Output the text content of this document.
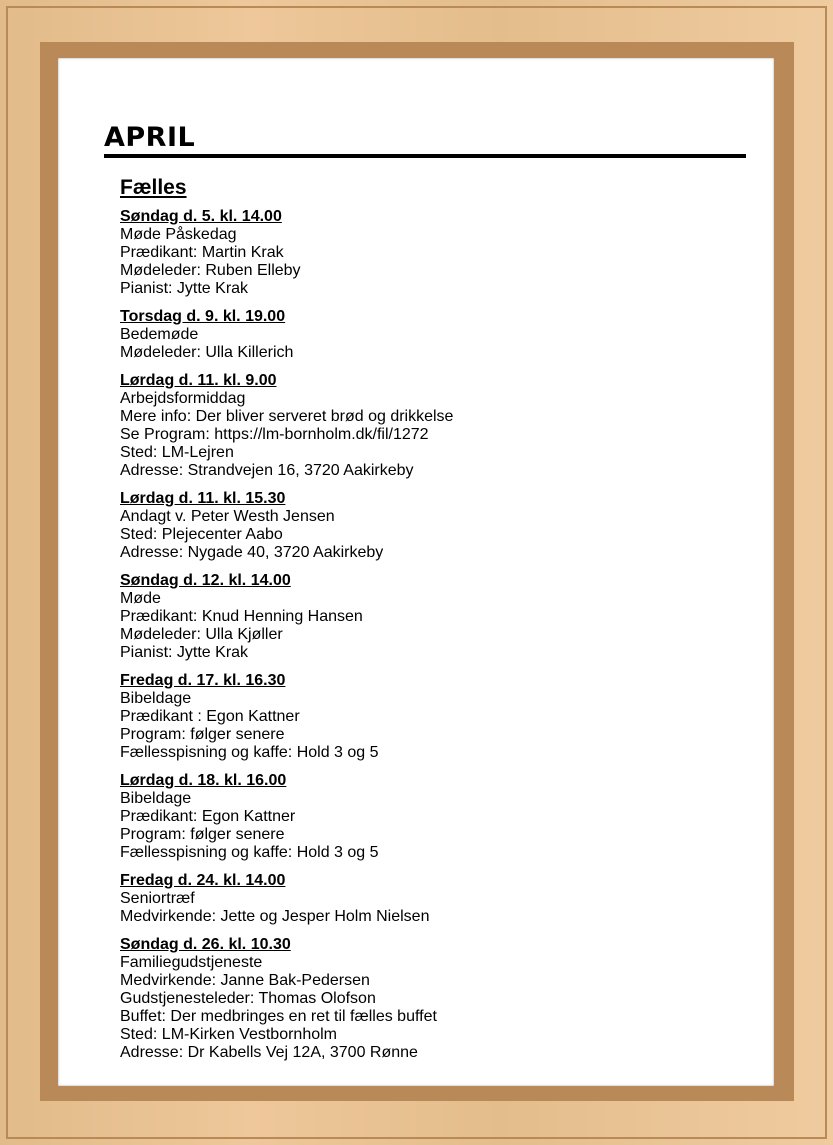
APRIL
Fælles
Søndag d. 5. kl. 14.00
Møde Påskedag
Prædikant: Martin Krak
Mødeleder: Ruben Elleby
Pianist: Jytte Krak
Torsdag d. 9. kl. 19.00
Bedemøde
Mødeleder: Ulla Killerich
Lørdag d. 11. kl. 9.00
Arbejdsformiddag
Mere info: Der bliver serveret brød og drikkelse
Se Program: https://lm-bornholm.dk/fil/1272
Sted: LM-Lejren
Adresse: Strandvejen 16, 3720 Aakirkeby
Lørdag d. 11. kl. 15.30
Andagt v. Peter Westh Jensen
Sted: Plejecenter Aabo
Adresse: Nygade 40, 3720 Aakirkeby
Søndag d. 12. kl. 14.00
Møde
Prædikant: Knud Henning Hansen
Mødeleder: Ulla Kjøller
Pianist: Jytte Krak
Fredag d. 17. kl. 16.30
Bibeldage
Prædikant : Egon Kattner
Program: følger senere
Fællesspisning og kaffe: Hold 3 og 5
Lørdag d. 18. kl. 16.00
Bibeldage
Prædikant: Egon Kattner
Program: følger senere
Fællesspisning og kaffe: Hold 3 og 5
Fredag d. 24. kl. 14.00
Seniortræf
Medvirkende: Jette og Jesper Holm Nielsen
Søndag d. 26. kl. 10.30
Familiegudstjeneste
Medvirkende: Janne Bak-Pedersen
Gudstjenesteleder: Thomas Olofson
Buffet: Der medbringes en ret til fælles buffet
Sted: LM-Kirken Vestbornholm
Adresse: Dr Kabells Vej 12A, 3700 Rønne
